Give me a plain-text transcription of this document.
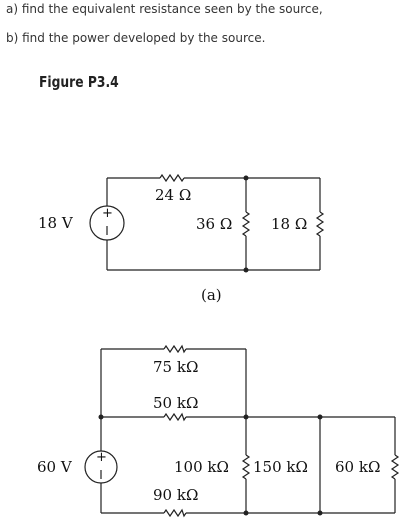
a) find the equivalent resistance seen by the source,
b) find the power developed by the source.
Figure P3.4
+
+
18 V
24 Ω
36 Ω	18 Ω
(a)
60 V
75 kΩ
50 kΩ
90 kΩ
100 kΩ 150 kΩ 60 kΩ
